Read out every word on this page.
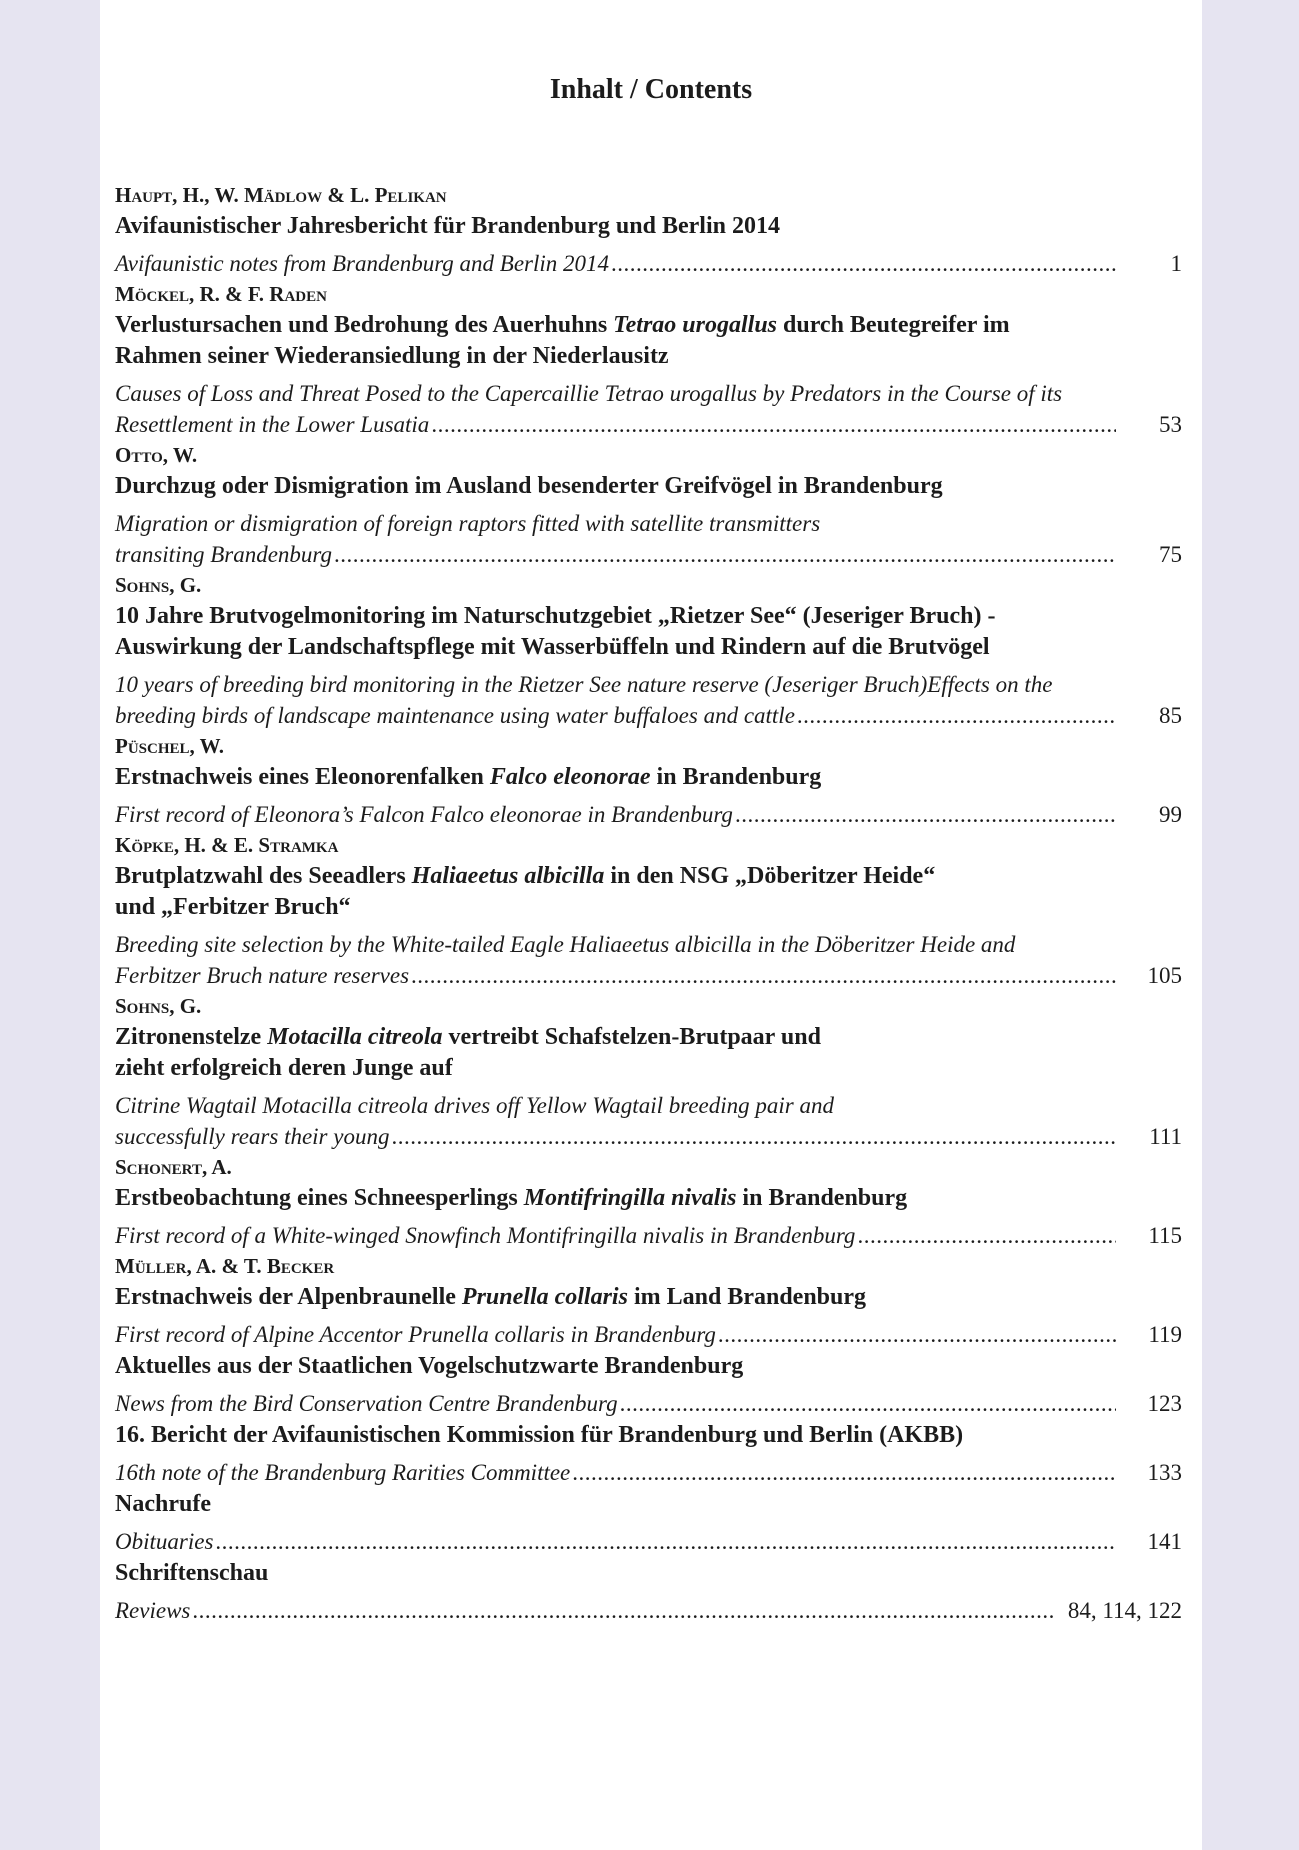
Inhalt / Contents
Haupt, H., W. Mädlow & L. Pelikan
Avifaunistischer Jahresbericht für Brandenburg und Berlin 2014
Avifaunistic notes from Brandenburg and Berlin 2014 .....	1
Möckel, R. & F. Raden
Verlustursachen und Bedrohung des Auerhuhns Tetrao urogallus durch Beutegreifer im
Rahmen seiner Wiederansiedlung in der Niederlausitz
Causes of Loss and Threat Posed to the Capercaillie Tetrao urogallus by Predators in the Course of its
Resettlement in the Lower Lusatia .....	53
Otto, W.
Durchzug oder Dismigration im Ausland besenderter Greifvögel in Brandenburg
Migration or dismigration of foreign raptors fitted with satellite transmitters
transiting Brandenburg .....	75
Sohns, G.
10 Jahre Brutvogelmonitoring im Naturschutzgebiet „Rietzer See“ (Jeseriger Bruch) -
Auswirkung der Landschaftspflege mit Wasserbüffeln und Rindern auf die Brutvögel
10 years of breeding bird monitoring in the Rietzer See nature reserve (Jeseriger Bruch)Effects on the
breeding birds of landscape maintenance using water buffaloes and cattle .....	85
Püschel, W.
Erstnachweis eines Eleonorenfalken Falco eleonorae in Brandenburg
First record of Eleonora’s Falcon Falco eleonorae in Brandenburg .....	99
Köpke, H. & E. Stramka
Brutplatzwahl des Seeadlers Haliaeetus albicilla in den NSG „Döberitzer Heide“
und „Ferbitzer Bruch“
Breeding site selection by the White-tailed Eagle Haliaeetus albicilla in the Döberitzer Heide and
Ferbitzer Bruch nature reserves .....	105
Sohns, G.
Zitronenstelze Motacilla citreola vertreibt Schafstelzen-Brutpaar und
zieht erfolgreich deren Junge auf
Citrine Wagtail Motacilla citreola drives off Yellow Wagtail breeding pair and
successfully rears their young .....	111
Schonert, A.
Erstbeobachtung eines Schneesperlings Montifringilla nivalis in Brandenburg
First record of a White-winged Snowfinch Montifringilla nivalis in Brandenburg .....	115
Müller, A. & T. Becker
Erstnachweis der Alpenbraunelle Prunella collaris im Land Brandenburg
First record of Alpine Accentor Prunella collaris in Brandenburg .....	119
Aktuelles aus der Staatlichen Vogelschutzwarte Brandenburg
News from the Bird Conservation Centre Brandenburg .....	123
16. Bericht der Avifaunistischen Kommission für Brandenburg und Berlin (AKBB)
16th note of the Brandenburg Rarities Committee .....	133
Nachrufe
Obituaries .....	141
Schriftenschau
Reviews .....	84, 114, 122
